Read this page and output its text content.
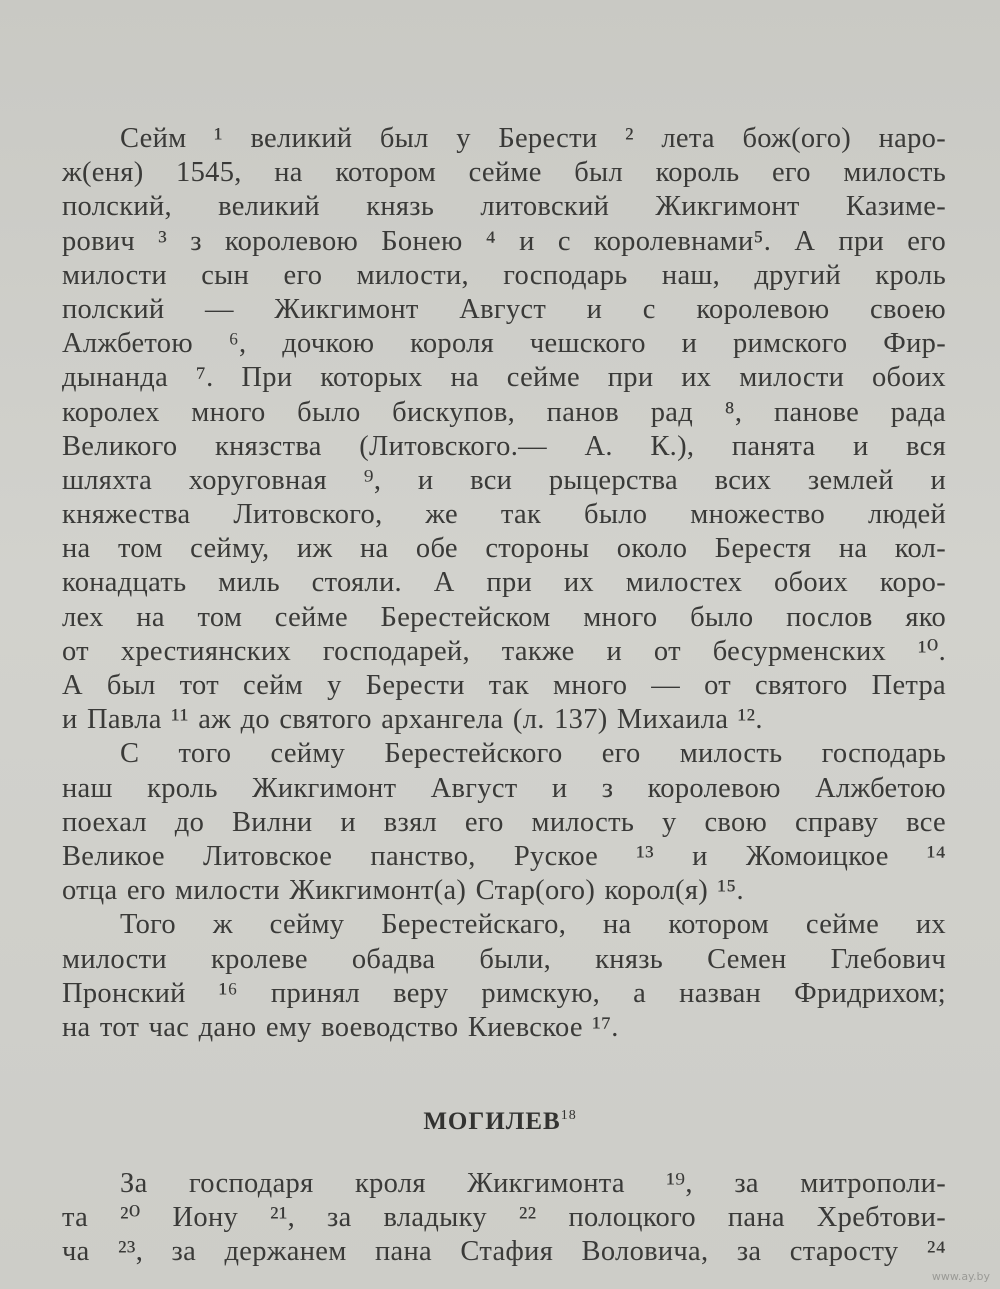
Сейм ¹ великий был у Берести ² лета бож(ого) наро-
ж(еня) 1545, на котором сейме был король его милость
полский, великий князь литовский Жикгимонт Казиме-
рович ³ з королевою Бонею ⁴ и с королевнами⁵. А при его
милости сын его милости, господарь наш, другий кроль
полский — Жикгимонт Август и с королевою своею
Алжбетою ⁶, дочкою короля чешского и римского Фир-
дынанда ⁷. При которых на сейме при их милости обоих
королех много было бискупов, панов рад ⁸, панове рада
Великого князства (Литовского.— А. К.), панята и вся
шляхта хоруговная ⁹, и вси рыцерства всих землей и
княжества Литовского, же так было множество людей
на том сейму, иж на обе стороны около Берестя на кол-
конадцать миль стояли. А при их милостех обоих коро-
лех на том сейме Берестейском много было послов яко
от хрестиянских господарей, также и от бесурменских ¹⁰.
А был тот сейм у Берести так много — от святого Петра
и Павла ¹¹ аж до святого архангела (л. 137) Михаила ¹².
С того сейму Берестейского его милость господарь
наш кроль Жикгимонт Август и з королевою Алжбетою
поехал до Вилни и взял его милость у свою справу все
Великое Литовское панство, Руское ¹³ и Жомоицкое ¹⁴
отца его милости Жикгимонт(а) Стар(ого) корол(я) ¹⁵.
Того ж сейму Берестейскаго, на котором сейме их
милости кролеве обадва были, князь Семен Глебович
Пронский ¹⁶ принял веру римскую, а назван Фридрихом;
на тот час дано ему воеводство Киевское ¹⁷.
МОГИЛЕВ$^{18}$
За господаря кроля Жикгимонта ¹⁹, за митрополи-
та ²⁰ Иону ²¹, за владыку ²² полоцкого пана Хребтови-
ча ²³, за держанем пана Стафия Воловича, за старосту ²⁴
www.ay.by
